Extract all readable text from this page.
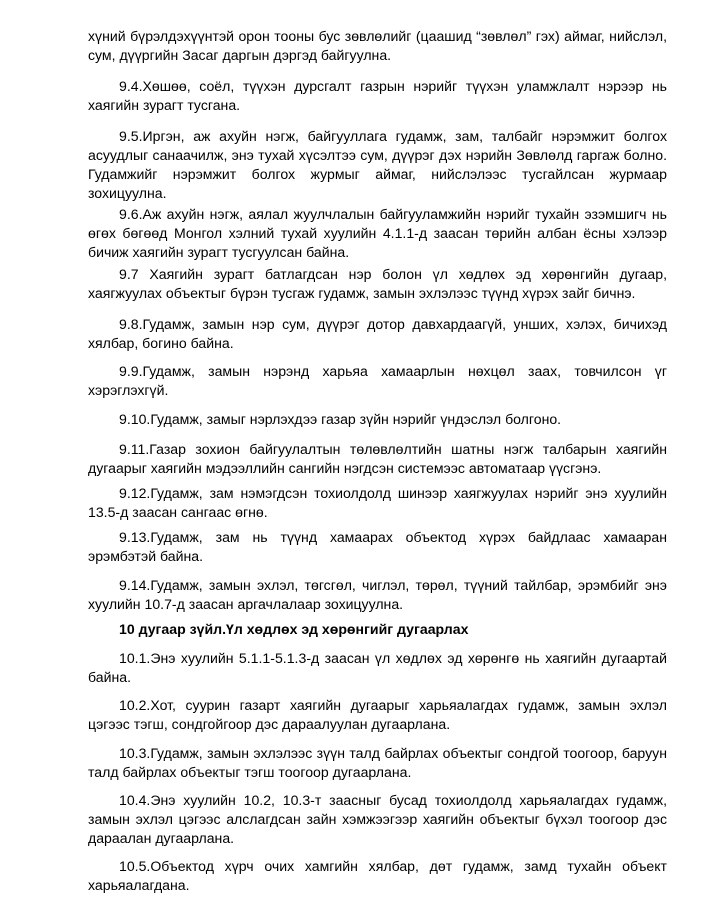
хүний бүрэлдэхүүнтэй орон тооны бус зөвлөлийг (цаашид “зөвлөл” гэх) аймаг, нийслэл, сум, дүүргийн Засаг даргын дэргэд байгуулна.

9.4.Хөшөө, соёл, түүхэн дурсгалт газрын нэрийг түүхэн уламжлалт нэрээр нь хаягийн зурагт тусгана.

9.5.Иргэн, аж ахуйн нэгж, байгууллага гудамж, зам, талбайг нэрэмжит болгох асуудлыг санаачилж, энэ тухай хүсэлтээ сум, дүүрэг дэх нэрийн Зөвлөлд гаргаж болно. Гудамжийг нэрэмжит болгох журмыг аймаг, нийслэлээс тусгайлсан журмаар зохицуулна.

9.6.Аж ахуйн нэгж, аялал жуулчлалын байгууламжийн нэрийг тухайн эзэмшигч нь өгөх бөгөөд Монгол хэлний тухай хуулийн 4.1.1-д заасан төрийн албан ёсны хэлээр бичиж хаягийн зурагт тусгуулсан байна.

9.7 Хаягийн зурагт батлагдсан нэр болон үл хөдлөх эд хөрөнгийн дугаар, хаягжуулах объектыг бүрэн тусгаж гудамж, замын эхлэлээс түүнд хүрэх зайг бичнэ.

9.8.Гудамж, замын нэр сум, дүүрэг дотор давхардаагүй, унших, хэлэх, бичихэд хялбар, богино байна.

9.9.Гудамж, замын нэрэнд харьяа хамаарлын нөхцөл заах, товчилсон үг хэрэглэхгүй.

9.10.Гудамж, замыг нэрлэхдээ газар зүйн нэрийг үндэслэл болгоно.

9.11.Газар зохион байгуулалтын төлөвлөлтийн шатны нэгж талбарын хаягийн дугаарыг хаягийн мэдээллийн сангийн нэгдсэн системээс автоматаар үүсгэнэ.

9.12.Гудамж, зам нэмэгдсэн тохиолдолд шинээр хаягжуулах нэрийг энэ хуулийн 13.5-д заасан сангаас өгнө.

9.13.Гудамж, зам нь түүнд хамаарах объектод хүрэх байдлаас хамааран эрэмбэтэй байна.

9.14.Гудамж, замын эхлэл, төгсгөл, чиглэл, төрөл, түүний тайлбар, эрэмбийг энэ хуулийн 10.7-д заасан аргачлалаар зохицуулна.

10 дугаар зүйл.Үл хөдлөх эд хөрөнгийг дугаарлах

10.1.Энэ хуулийн 5.1.1-5.1.3-д заасан үл хөдлөх эд хөрөнгө нь хаягийн дугаартай байна.

10.2.Хот, суурин газарт хаягийн дугаарыг харьяалагдах гудамж, замын эхлэл цэгээс тэгш, сондгойгоор дэс дараалуулан дугаарлана.

10.3.Гудамж, замын эхлэлээс зүүн талд байрлах объектыг сондгой тоогоор, баруун талд байрлах объектыг тэгш тоогоор дугаарлана.

10.4.Энэ хуулийн 10.2, 10.3-т заасныг бусад тохиолдолд харьяалагдах гудамж, замын эхлэл цэгээс алслагдсан зайн хэмжээгээр хаягийн объектыг бүхэл тоогоор дэс дараалан дугаарлана.

10.5.Объектод хүрч очих хамгийн хялбар, дөт гудамж, замд тухайн объект харьяалагдана.
